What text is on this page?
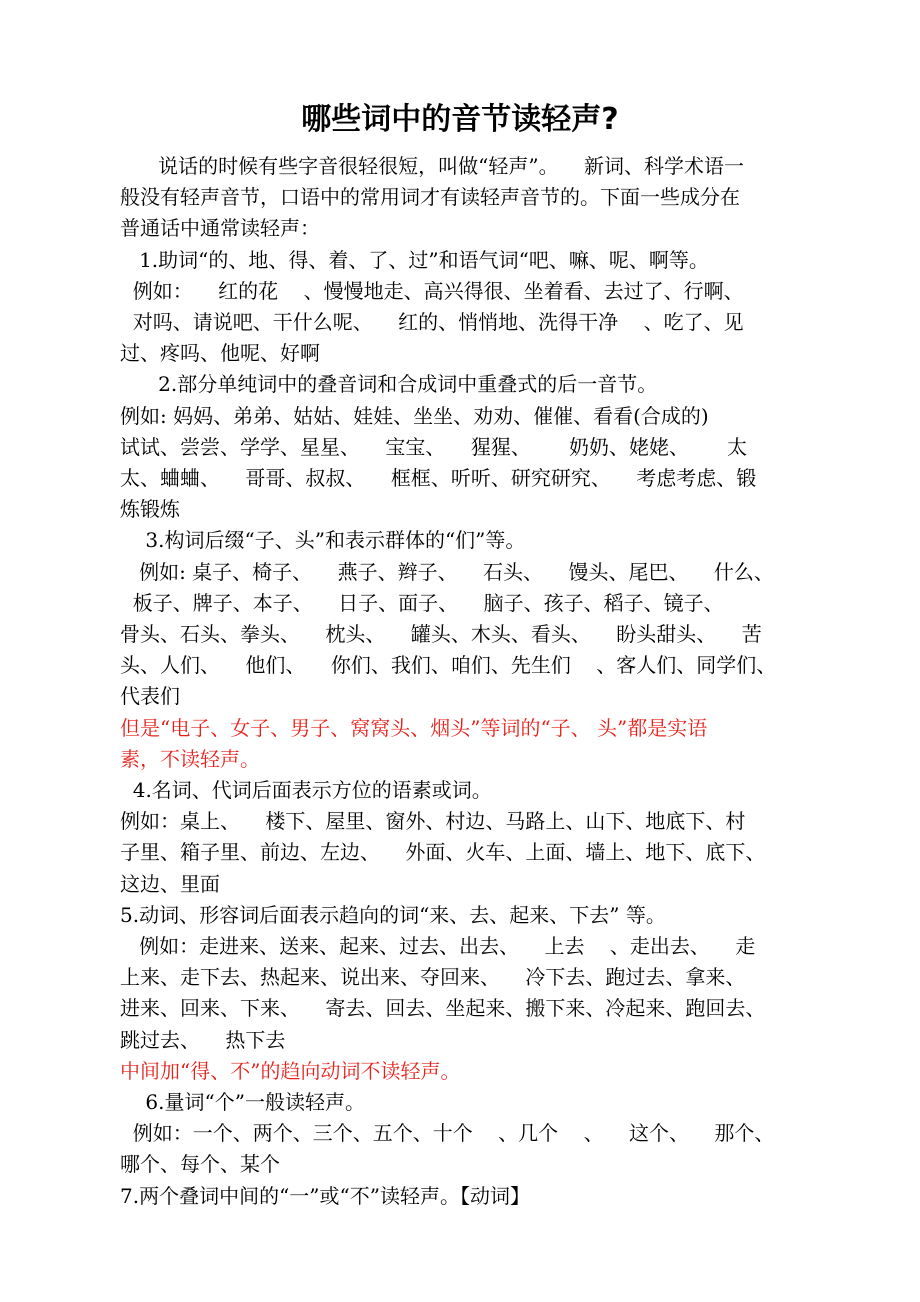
哪些词中的音节读轻声?

说话的时候有些字音很轻很短，叫做“轻声”。    新词、科学术语一

般没有轻声音节，口语中的常用词才有读轻声音节的。下面一些成分在

普通话中通常读轻声：

1.助词“的、地、得、着、了、过”和语气词“吧、嘛、呢、啊等。

例如：    红的花    、慢慢地走、高兴得很、坐着看、去过了、行啊、

对吗、请说吧、干什么呢、    红的、悄悄地、洗得干净    、吃了、见

过、疼吗、他呢、好啊

2.部分单纯词中的叠音词和合成词中重叠式的后一音节。

例如: 妈妈、弟弟、姑姑、娃娃、坐坐、劝劝、催催、看看(合成的)

试试、尝尝、学学、星星、    宝宝、    猩猩、      奶奶、姥姥、      太

太、蛐蛐、    哥哥、叔叔、    框框、听听、研究研究、    考虑考虑、锻

炼锻炼

3.构词后缀“子、头”和表示群体的“们”等。

例如: 桌子、椅子、    燕子、辫子、    石头、    馒头、尾巴、    什么、

板子、牌子、本子、    日子、面子、    脑子、孩子、稻子、镜子、

骨头、石头、拳头、    枕头、    罐头、木头、看头、    盼头甜头、    苦

头、人们、    他们、    你们、我们、咱们、先生们    、客人们、同学们、

代表们

但是“电子、女子、男子、窝窝头、烟头”等词的“子、 头”都是实语

素，不读轻声。

4.名词、代词后面表示方位的语素或词。

例如：桌上、    楼下、屋里、窗外、村边、马路上、山下、地底下、村

子里、箱子里、前边、左边、    外面、火车、上面、墙上、地下、底下、

这边、里面

5.动词、形容词后面表示趋向的词“来、去、起来、下去” 等。

例如：走进来、送来、起来、过去、出去、    上去    、走出去、    走

上来、走下去、热起来、说出来、夺回来、    冷下去、跑过去、拿来、

进来、回来、下来、    寄去、回去、坐起来、搬下来、冷起来、跑回去、

跳过去、    热下去

中间加“得、不”的趋向动词不读轻声。

6.量词“个”一般读轻声。

例如：一个、两个、三个、五个、十个    、几个    、    这个、    那个、

哪个、每个、某个

7.两个叠词中间的“一”或“不”读轻声。【动词】
